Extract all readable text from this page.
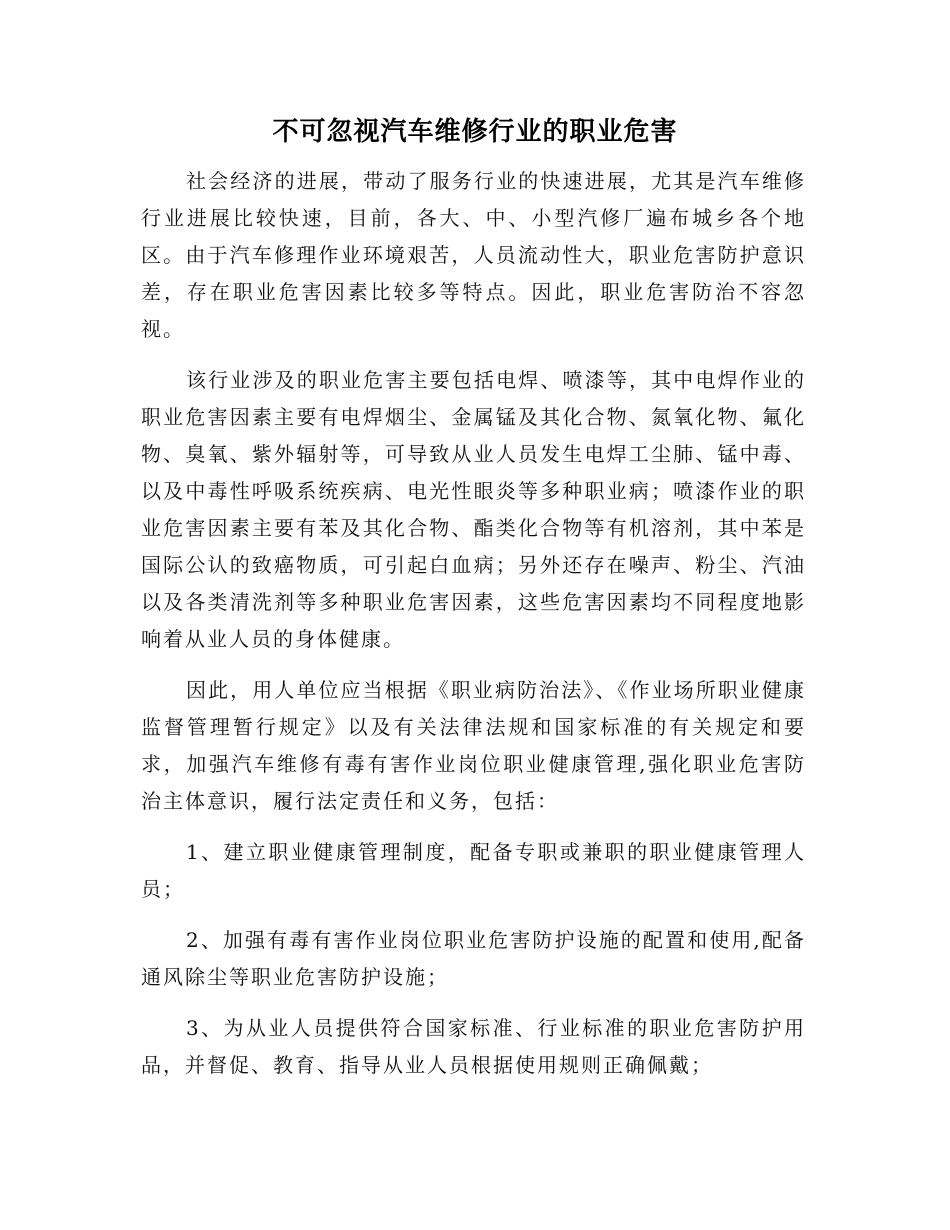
不可忽视汽车维修行业的职业危害

社会经济的进展，带动了服务行业的快速进展，尤其是汽车维修行业进展比较快速，目前，各大、中、小型汽修厂遍布城乡各个地区。由于汽车修理作业环境艰苦，人员流动性大，职业危害防护意识差，存在职业危害因素比较多等特点。因此，职业危害防治不容忽视。

该行业涉及的职业危害主要包括电焊、喷漆等，其中电焊作业的职业危害因素主要有电焊烟尘、金属锰及其化合物、氮氧化物、氟化物、臭氧、紫外辐射等，可导致从业人员发生电焊工尘肺、锰中毒、以及中毒性呼吸系统疾病、电光性眼炎等多种职业病；喷漆作业的职业危害因素主要有苯及其化合物、酯类化合物等有机溶剂，其中苯是国际公认的致癌物质，可引起白血病；另外还存在噪声、粉尘、汽油以及各类清洗剂等多种职业危害因素，这些危害因素均不同程度地影响着从业人员的身体健康。

因此，用人单位应当根据《职业病防治法》、《作业场所职业健康监督管理暂行规定》以及有关法律法规和国家标准的有关规定和要求，加强汽车维修有毒有害作业岗位职业健康管理,强化职业危害防治主体意识，履行法定责任和义务，包括：

1、建立职业健康管理制度，配备专职或兼职的职业健康管理人员；

2、加强有毒有害作业岗位职业危害防护设施的配置和使用,配备通风除尘等职业危害防护设施；

3、为从业人员提供符合国家标准、行业标准的职业危害防护用品，并督促、教育、指导从业人员根据使用规则正确佩戴；
